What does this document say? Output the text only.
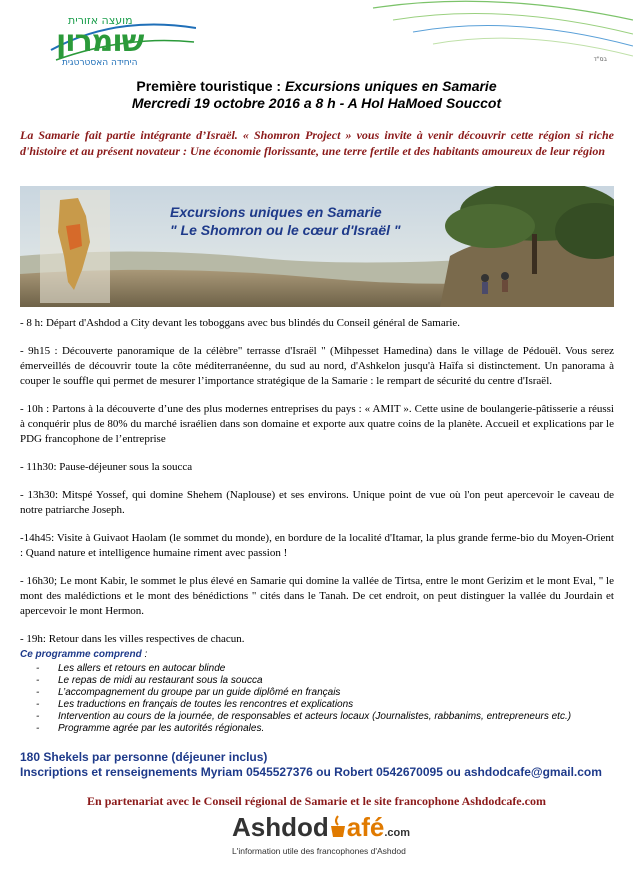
בס"ד
מועצה אזורית
שומרון
היחידה האסטרטגית
Première touristique : Excursions uniques en Samarie
Mercredi 19 octobre 2016 a 8 h - A Hol HaMoed Souccot
La Samarie fait partie intégrante d’Israël. « Shomron Project » vous invite à venir découvrir cette région si riche d'histoire et au présent novateur : Une économie florissante, une terre fertile et des habitants amoureux de leur région
Excursions uniques en Samarie
" Le Shomron ou le cœur d'Israël "

- 8 h: Départ d'Ashdod a City devant les toboggans avec bus blindés du Conseil général de Samarie.

- 9h15 : Découverte panoramique de la célèbre" terrasse d'Israël " (Mihpesset Hamedina) dans le village de Pédouël. Vous serez émerveillés de découvrir toute la côte méditerranéenne, du sud au nord, d'Ashkelon jusqu'à Haïfa si distinctement. Un panorama à couper le souffle qui permet de mesurer l’importance stratégique de la Samarie : le rempart de sécurité du centre d'Israël.

- 10h : Partons à la découverte d’une des plus modernes entreprises du pays : « AMIT ». Cette usine de boulangerie-pâtisserie a réussi à conquérir plus de 80% du marché israélien dans son domaine et exporte aux quatre coins de la planète. Accueil et explications par le PDG francophone de l’entreprise

- 11h30: Pause-déjeuner sous la soucca

- 13h30: Mitspé Yossef, qui domine Shehem (Naplouse) et ses environs. Unique point de vue où l'on peut apercevoir le caveau de notre patriarche Joseph.

-14h45: Visite à Guivaot Haolam (le sommet du monde), en bordure de la localité d'Itamar, la plus grande ferme-bio du Moyen-Orient : Quand nature et intelligence humaine riment avec passion !

- 16h30; Le mont Kabir, le sommet le plus élevé en Samarie qui domine la vallée de Tirtsa, entre le mont Gerizim et le mont Eval, " le mont des malédictions et le mont des bénédictions " cités dans le Tanah. De cet endroit, on peut distinguer la vallée du Jourdain et apercevoir le mont Hermon.

- 19h: Retour dans les villes respectives de chacun.

Ce programme comprend :
- Les allers et retours en autocar blinde
- Le repas de midi au restaurant sous la soucca
- L’accompagnement du groupe par un guide diplômé en français
- Les traductions en français de toutes les rencontres et explications
- Intervention au cours de la journée, de responsables et acteurs locaux (Journalistes, rabbanims, entrepreneurs etc.)
- Programme agrée par les autorités régionales.
180 Shekels par personne (déjeuner inclus)
Inscriptions et renseignements Myriam 0545527376 ou Robert 0542670095 ou ashdodcafe@gmail.com
En partenariat avec le Conseil régional de Samarie et le site francophone Ashdodcafe.com
Ashdod afé.com
L'information utile des francophones d'Ashdod
